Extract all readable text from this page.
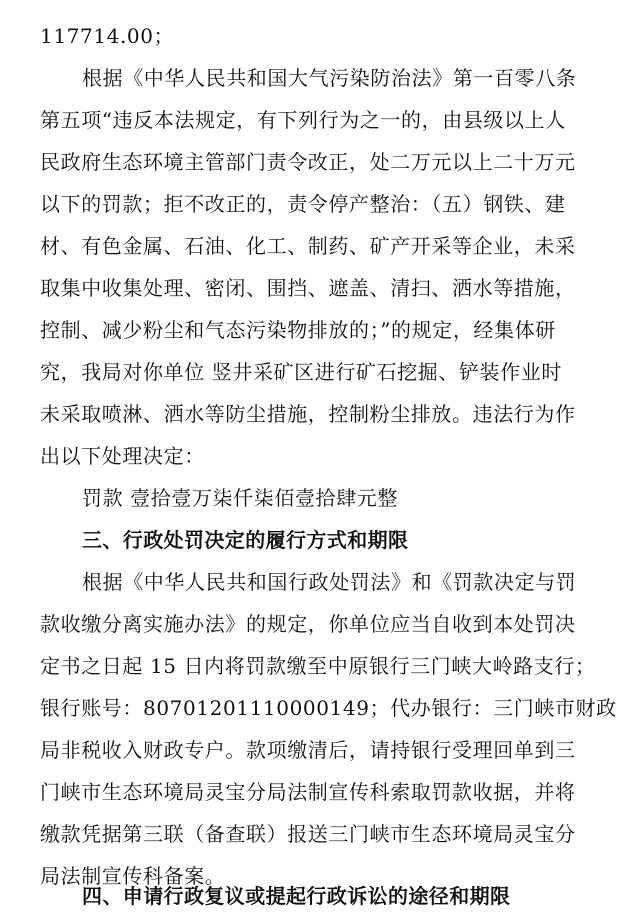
117714.00；
根据《中华人民共和国大气污染防治法》第一百零八条
第五项“违反本法规定，有下列行为之一的，由县级以上人
民政府生态环境主管部门责令改正，处二万元以上二十万元
以下的罚款；拒不改正的，责令停产整治：（五）钢铁、建
材、有色金属、石油、化工、制药、矿产开采等企业，未采
取集中收集处理、密闭、围挡、遮盖、清扫、洒水等措施，
控制、减少粉尘和气态污染物排放的；”的规定，经集体研
究，我局对你单位 竖井采矿区进行矿石挖掘、铲装作业时
未采取喷淋、洒水等防尘措施，控制粉尘排放。违法行为作
出以下处理决定：
罚款 壹拾壹万柒仟柒佰壹拾肆元整
三、行政处罚决定的履行方式和期限
根据《中华人民共和国行政处罚法》和《罚款决定与罚
款收缴分离实施办法》的规定，你单位应当自收到本处罚决
定书之日起 15 日内将罚款缴至中原银行三门峡大岭路支行；
银行账号：80701201110000149；代办银行：三门峡市财政
局非税收入财政专户。款项缴清后，请持银行受理回单到三
门峡市生态环境局灵宝分局法制宣传科索取罚款收据，并将
缴款凭据第三联（备查联）报送三门峡市生态环境局灵宝分
局法制宣传科备案。
四、申请行政复议或提起行政诉讼的途径和期限
